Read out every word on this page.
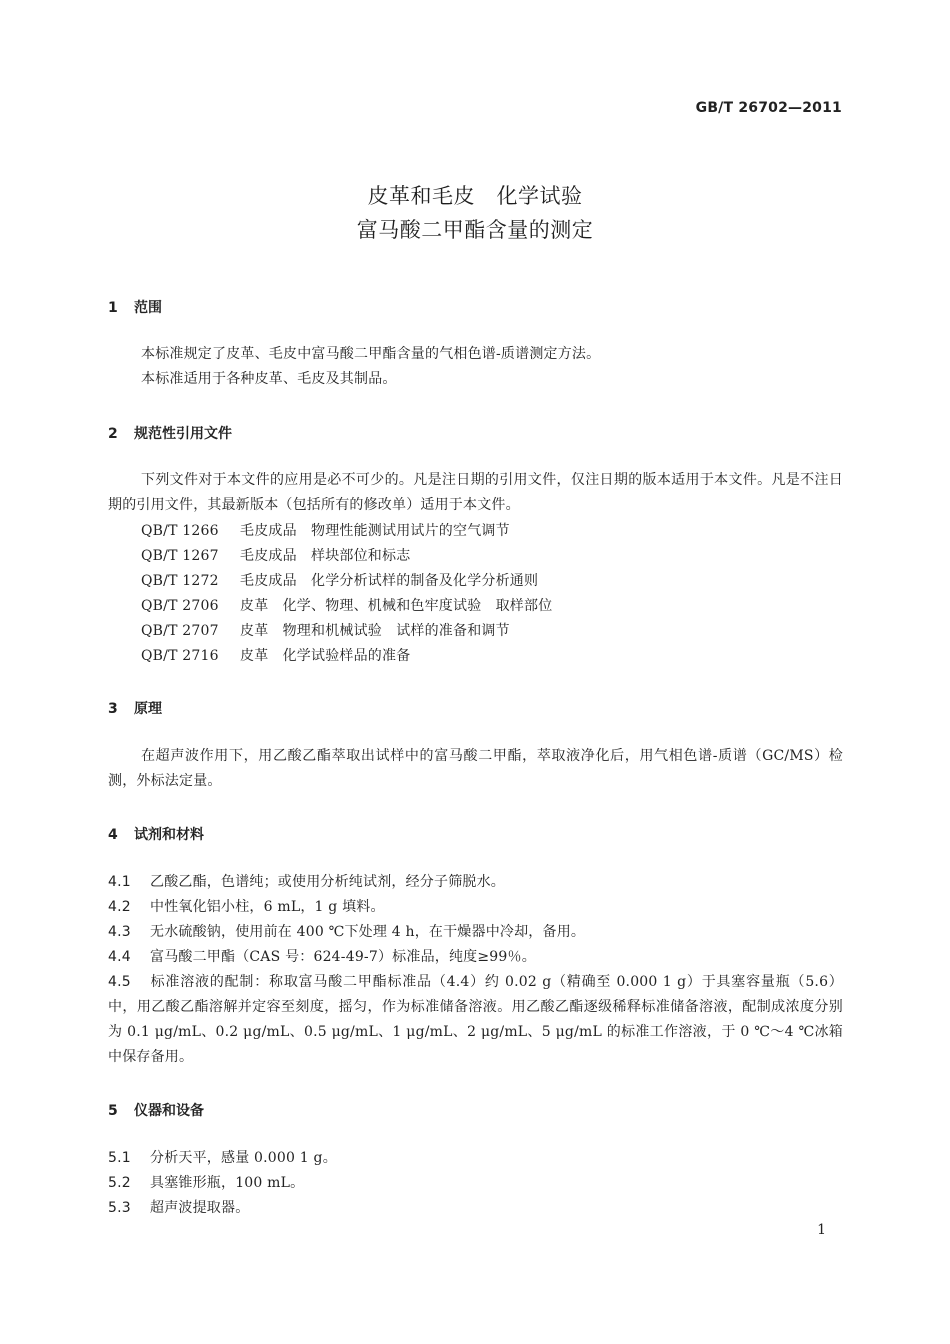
GB/T 26702—2011
皮革和毛皮　化学试验
富马酸二甲酯含量的测定
1 范围
本标准规定了皮革、毛皮中富马酸二甲酯含量的气相色谱-质谱测定方法。
本标准适用于各种皮革、毛皮及其制品。
2 规范性引用文件
下列文件对于本文件的应用是必不可少的。凡是注日期的引用文件，仅注日期的版本适用于本文件。凡是不注日期的引用文件，其最新版本（包括所有的修改单）适用于本文件。
QB/T 1266 毛皮成品　物理性能测试用试片的空气调节
QB/T 1267 毛皮成品　样块部位和标志
QB/T 1272 毛皮成品　化学分析试样的制备及化学分析通则
QB/T 2706 皮革　化学、物理、机械和色牢度试验　取样部位
QB/T 2707 皮革　物理和机械试验　试样的准备和调节
QB/T 2716 皮革　化学试验样品的准备
3 原理
在超声波作用下，用乙酸乙酯萃取出试样中的富马酸二甲酯，萃取液净化后，用气相色谱-质谱（GC/MS）检测，外标法定量。
4 试剂和材料
4.1 乙酸乙酯，色谱纯；或使用分析纯试剂，经分子筛脱水。
4.2 中性氧化铝小柱，6 mL，1 g 填料。
4.3 无水硫酸钠，使用前在 400 ℃下处理 4 h，在干燥器中冷却，备用。
4.4 富马酸二甲酯（CAS 号：624-49-7）标准品，纯度≥99％。
4.5 标准溶液的配制：称取富马酸二甲酯标准品（4.4）约 0.02 g（精确至 0.000 1 g）于具塞容量瓶（5.6）中，用乙酸乙酯溶解并定容至刻度，摇匀，作为标准储备溶液。用乙酸乙酯逐级稀释标准储备溶液，配制成浓度分别为 0.1 μg/mL、0.2 μg/mL、0.5 μg/mL、1 μg/mL、2 μg/mL、5 μg/mL 的标准工作溶液，于 0 ℃～4 ℃冰箱中保存备用。
5 仪器和设备
5.1 分析天平，感量 0.000 1 g。
5.2 具塞锥形瓶，100 mL。
5.3 超声波提取器。
1
